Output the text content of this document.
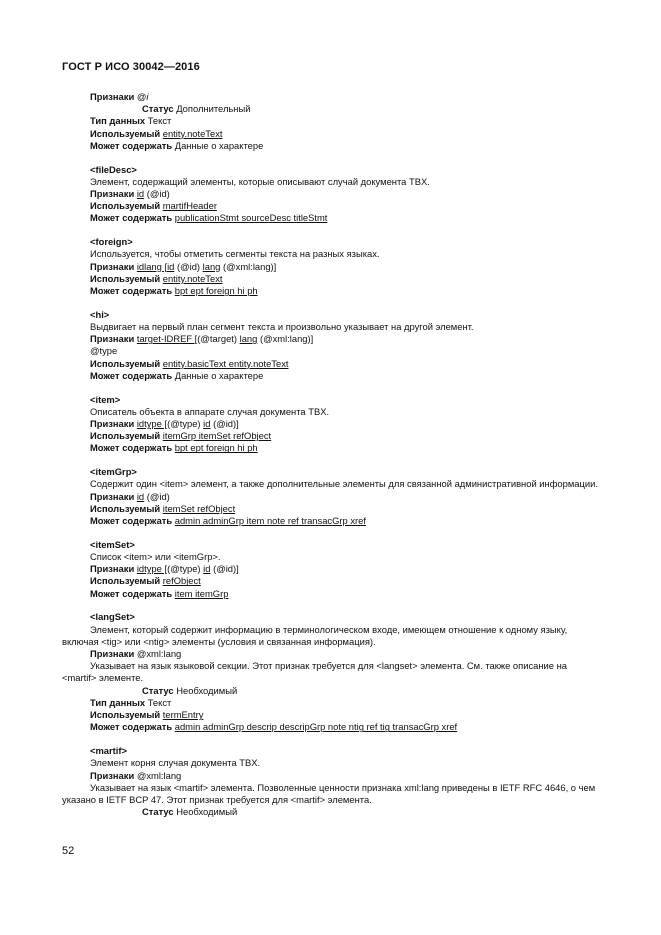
ГОСТ Р ИСО 30042—2016
Признаки @i
Статус Дополнительный
Тип данных Текст
Используемый entity.noteText
Может содержать Данные о характере
<fileDesc>
Элемент, содержащий элементы, которые описывают случай документа TBX.
Признаки id (@id)
Используемый martifHeader
Может содержать publicationStmt sourceDesc titleStmt
<foreign>
Используется, чтобы отметить сегменты текста на разных языках.
Признаки idlang [id (@id) lang (@xml:lang)]
Используемый entity.noteText
Может содержать bpt ept foreign hi ph
<hi>
Выдвигает на первый план сегмент текста и произвольно указывает на другой элемент.
Признаки target-IDREF [(@target) lang (@xml:lang)]
@type
Используемый entity.basicText entity.noteText
Может содержать Данные о характере
<item>
Описатель объекта в аппарате случая документа TBX.
Признаки idtype [(@type) id (@id)]
Используемый itemGrp itemSet refObject
Может содержать bpt ept foreign hi ph
<itemGrp>
Содержит один <item> элемент, а также дополнительные элементы для связанной административной информации.
Признаки id (@id)
Используемый itemSet refObject
Может содержать admin adminGrp item note ref transacGrp xref
<itemSet>
Список <item> или <itemGrp>.
Признаки idtype [(@type) id (@id)]
Используемый refObject
Может содержать item itemGrp
<langSet>
Элемент, который содержит информацию в терминологическом входе, имеющем отношение к одному языку, включая <tig> или <ntig> элементы (условия и связанная информация).
Признаки @xml:lang
Указывает на язык языковой секции. Этот признак требуется для <langset> элемента. См. также описание на <martif> элементе.
Статус Необходимый
Тип данных Текст
Используемый termEntry
Может содержать admin adminGrp descrip descripGrp note ntig ref tig transacGrp xref
<martif>
Элемент корня случая документа TBX.
Признаки @xml:lang
Указывает на язык <martif> элемента. Позволенные ценности признака xml:lang приведены в IETF RFC 4646, о чем указано в IETF BCP 47. Этот признак требуется для <martif> элемента.
Статус Необходимый
52
